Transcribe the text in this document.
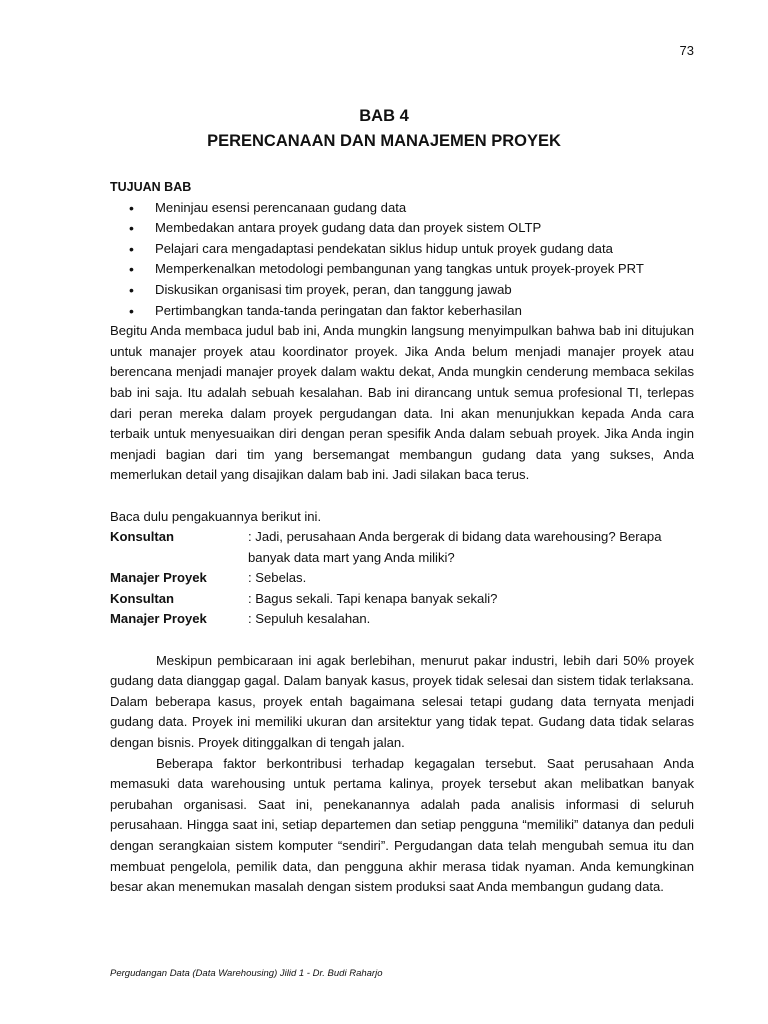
73
BAB 4
PERENCANAAN DAN MANAJEMEN PROYEK
TUJUAN BAB
• Meninjau esensi perencanaan gudang data
• Membedakan antara proyek gudang data dan proyek sistem OLTP
• Pelajari cara mengadaptasi pendekatan siklus hidup untuk proyek gudang data
• Memperkenalkan metodologi pembangunan yang tangkas untuk proyek-proyek PRT
• Diskusikan organisasi tim proyek, peran, dan tanggung jawab
• Pertimbangkan tanda-tanda peringatan dan faktor keberhasilan

Begitu Anda membaca judul bab ini, Anda mungkin langsung menyimpulkan bahwa bab ini ditujukan untuk manajer proyek atau koordinator proyek. Jika Anda belum menjadi manajer proyek atau berencana menjadi manajer proyek dalam waktu dekat, Anda mungkin cenderung membaca sekilas bab ini saja. Itu adalah sebuah kesalahan. Bab ini dirancang untuk semua profesional TI, terlepas dari peran mereka dalam proyek pergudangan data. Ini akan menunjukkan kepada Anda cara terbaik untuk menyesuaikan diri dengan peran spesifik Anda dalam sebuah proyek. Jika Anda ingin menjadi bagian dari tim yang bersemangat membangun gudang data yang sukses, Anda memerlukan detail yang disajikan dalam bab ini. Jadi silakan baca terus.

Baca dulu pengakuannya berikut ini.

Konsultan	: Jadi, perusahaan Anda bergerak di bidang data warehousing? Berapa banyak data mart yang Anda miliki?
Manajer Proyek	: Sebelas.
Konsultan	: Bagus sekali. Tapi kenapa banyak sekali?
Manajer Proyek	: Sepuluh kesalahan.

Meskipun pembicaraan ini agak berlebihan, menurut pakar industri, lebih dari 50% proyek gudang data dianggap gagal. Dalam banyak kasus, proyek tidak selesai dan sistem tidak terlaksana. Dalam beberapa kasus, proyek entah bagaimana selesai tetapi gudang data ternyata menjadi gudang data. Proyek ini memiliki ukuran dan arsitektur yang tidak tepat. Gudang data tidak selaras dengan bisnis. Proyek ditinggalkan di tengah jalan.

Beberapa faktor berkontribusi terhadap kegagalan tersebut. Saat perusahaan Anda memasuki data warehousing untuk pertama kalinya, proyek tersebut akan melibatkan banyak perubahan organisasi. Saat ini, penekanannya adalah pada analisis informasi di seluruh perusahaan. Hingga saat ini, setiap departemen dan setiap pengguna “memiliki” datanya dan peduli dengan serangkaian sistem komputer “sendiri”. Pergudangan data telah mengubah semua itu dan membuat pengelola, pemilik data, dan pengguna akhir merasa tidak nyaman. Anda kemungkinan besar akan menemukan masalah dengan sistem produksi saat Anda membangun gudang data.

Pergudangan Data (Data Warehousing) Jilid 1 - Dr. Budi Raharjo
